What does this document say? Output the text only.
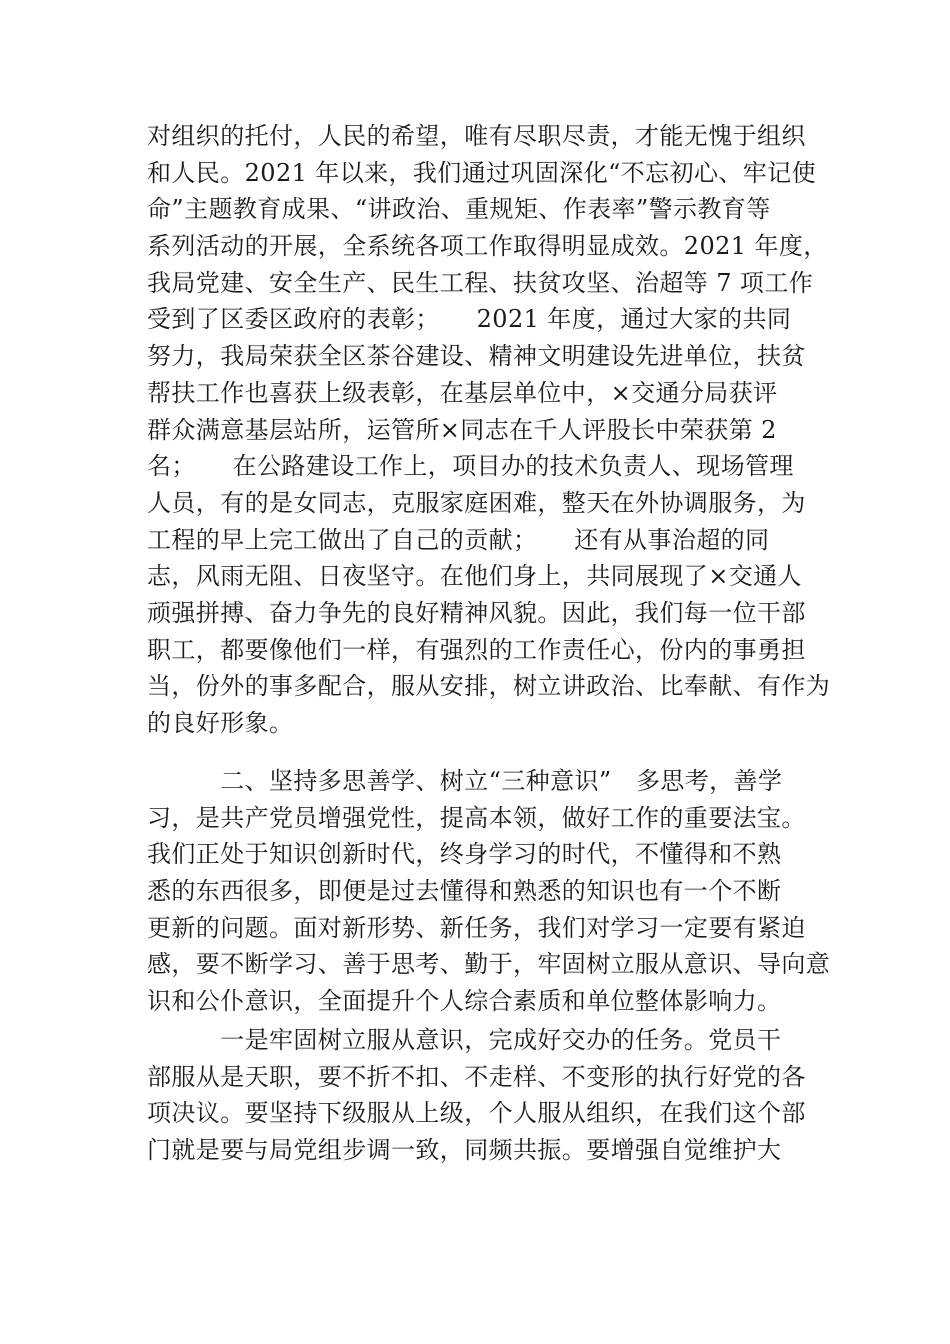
对组织的托付，人民的希望，唯有尽职尽责，才能无愧于组织
和人民。2021 年以来，我们通过巩固深化“不忘初心、牢记使
命”主题教育成果、“讲政治、重规矩、作表率”警示教育等
系列活动的开展，全系统各项工作取得明显成效。2021 年度，
我局党建、安全生产、民生工程、扶贫攻坚、治超等 7 项工作
受到了区委区政府的表彰；　　2021 年度，通过大家的共同
努力，我局荣获全区茶谷建设、精神文明建设先进单位，扶贫
帮扶工作也喜获上级表彰，在基层单位中，×交通分局获评
群众满意基层站所，运管所×同志在千人评股长中荣获第 2
名；　　在公路建设工作上，项目办的技术负责人、现场管理
人员，有的是女同志，克服家庭困难，整天在外协调服务，为
工程的早上完工做出了自己的贡献；　　还有从事治超的同
志，风雨无阻、日夜坚守。在他们身上，共同展现了×交通人
顽强拼搏、奋力争先的良好精神风貌。因此，我们每一位干部
职工，都要像他们一样，有强烈的工作责任心，份内的事勇担
当，份外的事多配合，服从安排，树立讲政治、比奉献、有作为
的良好形象。
　　　二、坚持多思善学、树立“三种意识”　多思考，善学
习，是共产党员增强党性，提高本领，做好工作的重要法宝。
我们正处于知识创新时代，终身学习的时代，不懂得和不熟
悉的东西很多，即便是过去懂得和熟悉的知识也有一个不断
更新的问题。面对新形势、新任务，我们对学习一定要有紧迫
感，要不断学习、善于思考、勤于，牢固树立服从意识、导向意
识和公仆意识，全面提升个人综合素质和单位整体影响力。
　　　一是牢固树立服从意识，完成好交办的任务。党员干
部服从是天职，要不折不扣、不走样、不变形的执行好党的各
项决议。要坚持下级服从上级，个人服从组织，在我们这个部
门就是要与局党组步调一致，同频共振。要增强自觉维护大
